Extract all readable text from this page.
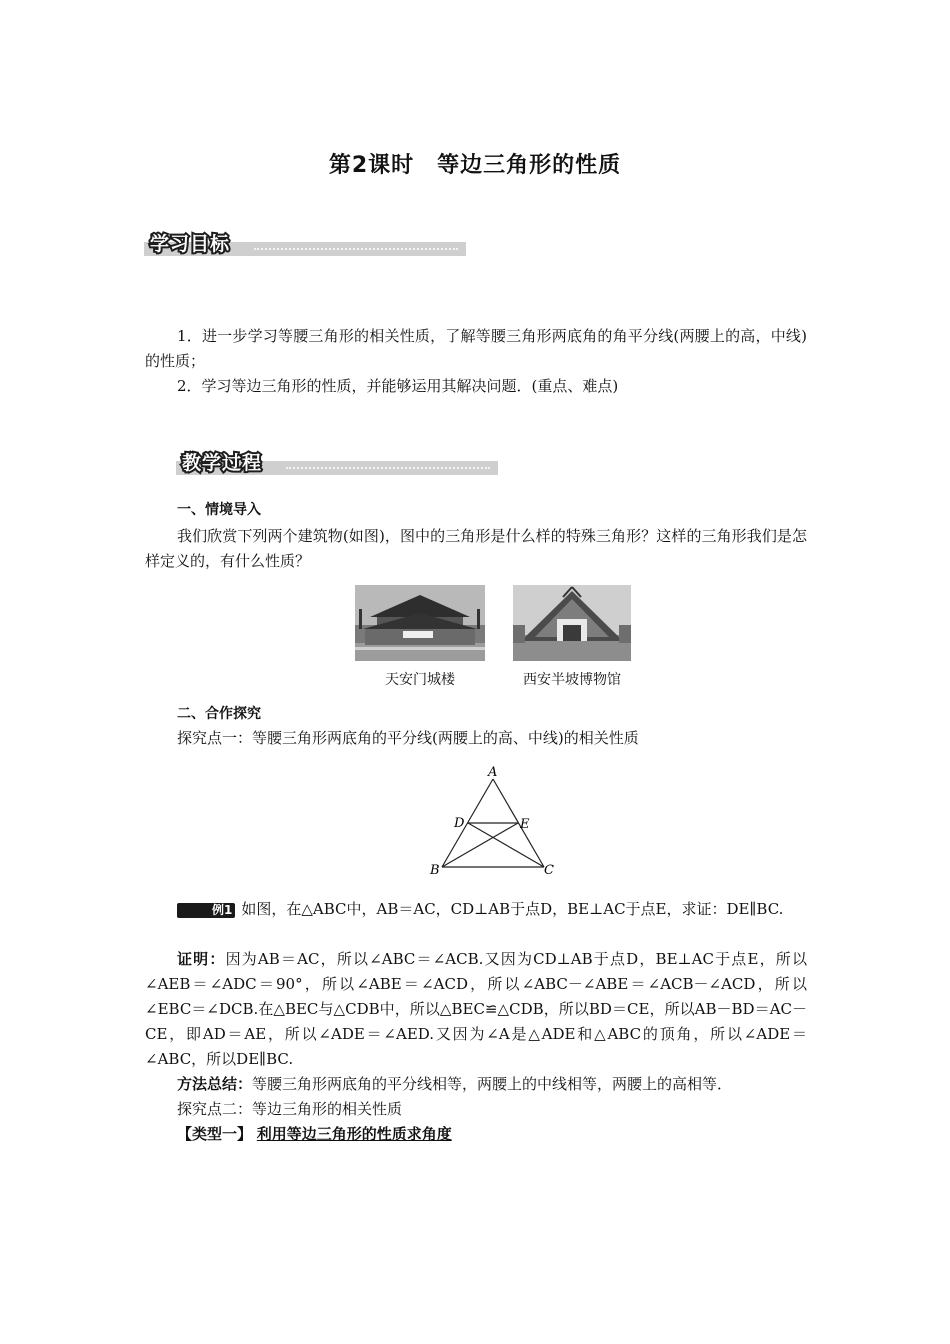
第2课时　等边三角形的性质
学习目标
1．进一步学习等腰三角形的相关性质，了解等腰三角形两底角的角平分线(两腰上的高，中线)的性质；
2．学习等边三角形的性质，并能够运用其解决问题．(重点、难点)
教学过程
一、情境导入
我们欣赏下列两个建筑物(如图)，图中的三角形是什么样的特殊三角形？这样的三角形我们是怎样定义的，有什么性质？
天安门城楼	西安半坡博物馆
二、合作探究
探究点一：等腰三角形两底角的平分线(两腰上的高、中线)的相关性质
A
B	C
D	E
例1 如图，在△ABC中，AB＝AC，CD⊥AB于点D，BE⊥AC于点E，求证：DE∥BC.
证明：因为AB＝AC，所以∠ABC＝∠ACB.又因为CD⊥AB于点D，BE⊥AC于点E，所以∠AEB＝∠ADC＝90°，所以∠ABE＝∠ACD，所以∠ABC－∠ABE＝∠ACB－∠ACD，所以∠EBC＝∠DCB.在△BEC与△CDB中，所以△BEC≌△CDB，所以BD＝CE，所以AB－BD＝AC－CE，即AD＝AE，所以∠ADE＝∠AED.又因为∠A是△ADE和△ABC的顶角，所以∠ADE＝∠ABC，所以DE∥BC.
方法总结：等腰三角形两底角的平分线相等，两腰上的中线相等，两腰上的高相等．
探究点二：等边三角形的相关性质
【类型一】 利用等边三角形的性质求角度
